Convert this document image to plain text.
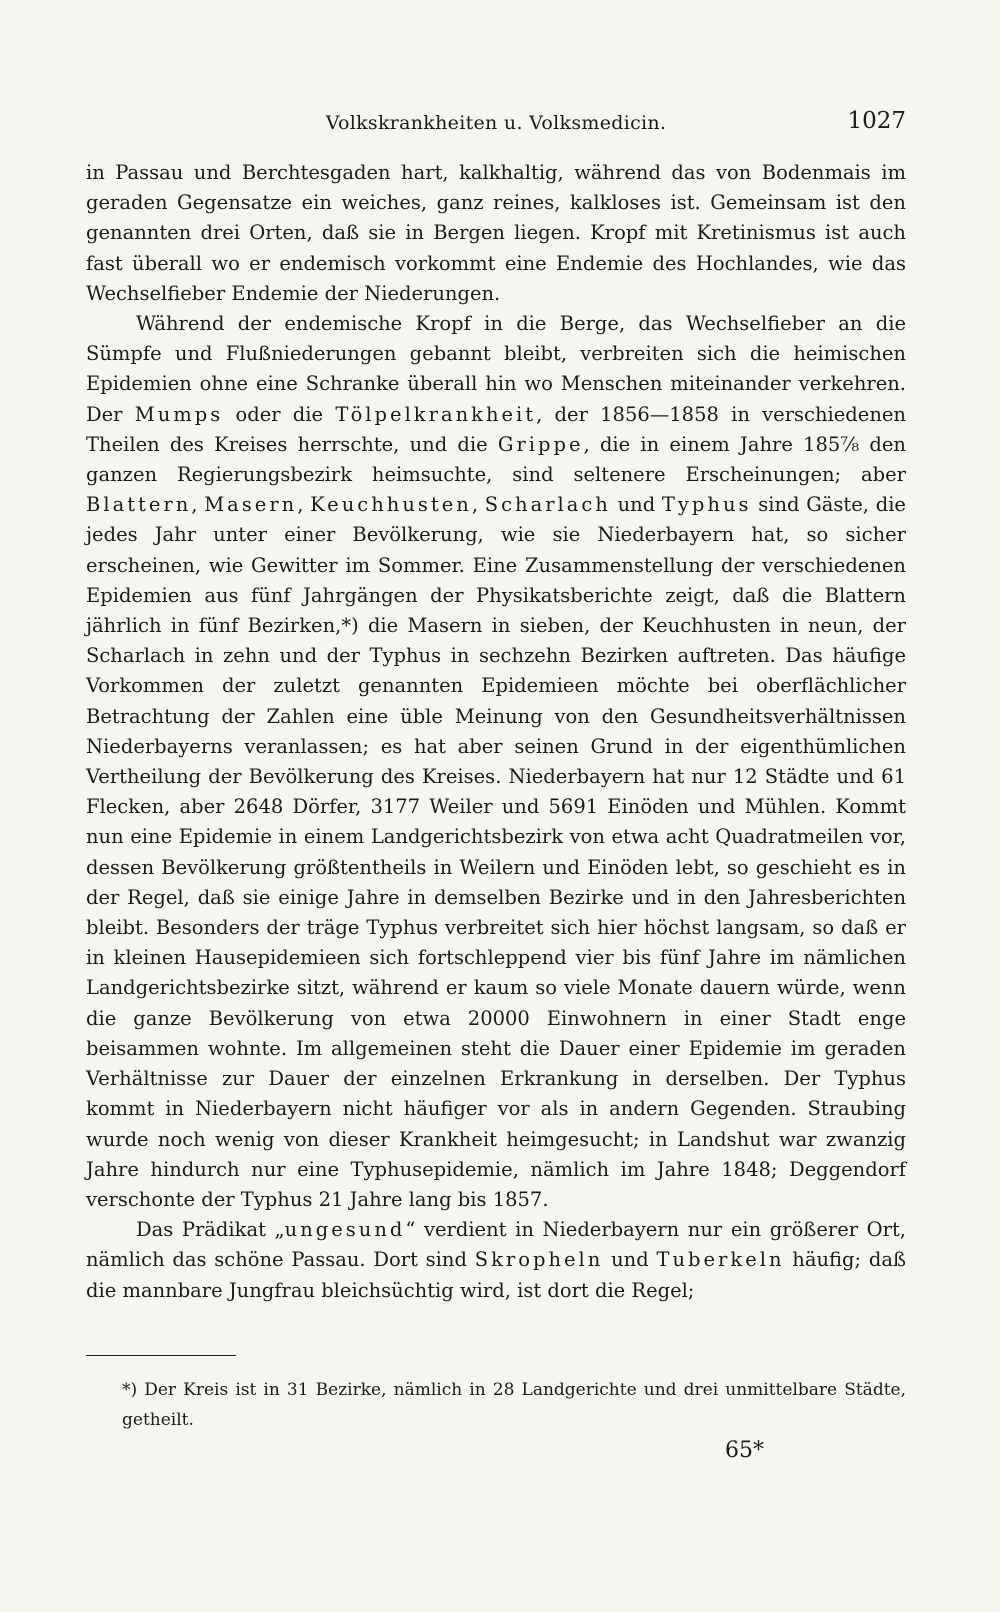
Volkskrankheiten u. Volksmedicin.	1027

in Passau und Berchtesgaden hart, kalkhaltig, während das von Bodenmais im geraden Gegensatze ein weiches, ganz reines, kalkloses ist. Gemeinsam ist den genannten drei Orten, daß sie in Bergen liegen. Kropf mit Kretinismus ist auch fast überall wo er endemisch vorkommt eine Endemie des Hochlandes, wie das Wechselfieber Endemie der Niederungen.

Während der endemische Kropf in die Berge, das Wechselfieber an die Sümpfe und Flußniederungen gebannt bleibt, verbreiten sich die heimischen Epidemien ohne eine Schranke überall hin wo Menschen miteinander verkehren. Der Mumps oder die Tölpelkrankheit, der 1856—1858 in verschiedenen Theilen des Kreises herrschte, und die Grippe, die in einem Jahre 185⁷⁄₈ den ganzen Regierungsbezirk heimsuchte, sind seltenere Erscheinungen; aber Blattern, Masern, Keuchhusten, Scharlach und Typhus sind Gäste, die jedes Jahr unter einer Bevölkerung, wie sie Niederbayern hat, so sicher erscheinen, wie Gewitter im Sommer. Eine Zusammenstellung der verschiedenen Epidemien aus fünf Jahrgängen der Physikatsberichte zeigt, daß die Blattern jährlich in fünf Bezirken,*) die Masern in sieben, der Keuchhusten in neun, der Scharlach in zehn und der Typhus in sechzehn Bezirken auftreten. Das häufige Vorkommen der zuletzt genannten Epidemieen möchte bei oberflächlicher Betrachtung der Zahlen eine üble Meinung von den Gesundheitsverhältnissen Niederbayerns veranlassen; es hat aber seinen Grund in der eigenthümlichen Vertheilung der Bevölkerung des Kreises. Niederbayern hat nur 12 Städte und 61 Flecken, aber 2648 Dörfer, 3177 Weiler und 5691 Einöden und Mühlen. Kommt nun eine Epidemie in einem Landgerichtsbezirk von etwa acht Quadratmeilen vor, dessen Bevölkerung größtentheils in Weilern und Einöden lebt, so geschieht es in der Regel, daß sie einige Jahre in demselben Bezirke und in den Jahresberichten bleibt. Besonders der träge Typhus verbreitet sich hier höchst langsam, so daß er in kleinen Hausepidemieen sich fortschleppend vier bis fünf Jahre im nämlichen Landgerichtsbezirke sitzt, während er kaum so viele Monate dauern würde, wenn die ganze Bevölkerung von etwa 20000 Einwohnern in einer Stadt enge beisammen wohnte. Im allgemeinen steht die Dauer einer Epidemie im geraden Verhältnisse zur Dauer der einzelnen Erkrankung in derselben. Der Typhus kommt in Niederbayern nicht häufiger vor als in andern Gegenden. Straubing wurde noch wenig von dieser Krankheit heimgesucht; in Landshut war zwanzig Jahre hindurch nur eine Typhusepidemie, nämlich im Jahre 1848; Deggendorf verschonte der Typhus 21 Jahre lang bis 1857.

Das Prädikat „ungesund“ verdient in Niederbayern nur ein größerer Ort, nämlich das schöne Passau. Dort sind Skropheln und Tuberkeln häufig; daß die mannbare Jungfrau bleichsüchtig wird, ist dort die Regel;

*) Der Kreis ist in 31 Bezirke, nämlich in 28 Landgerichte und drei unmittelbare Städte, getheilt.
65*
